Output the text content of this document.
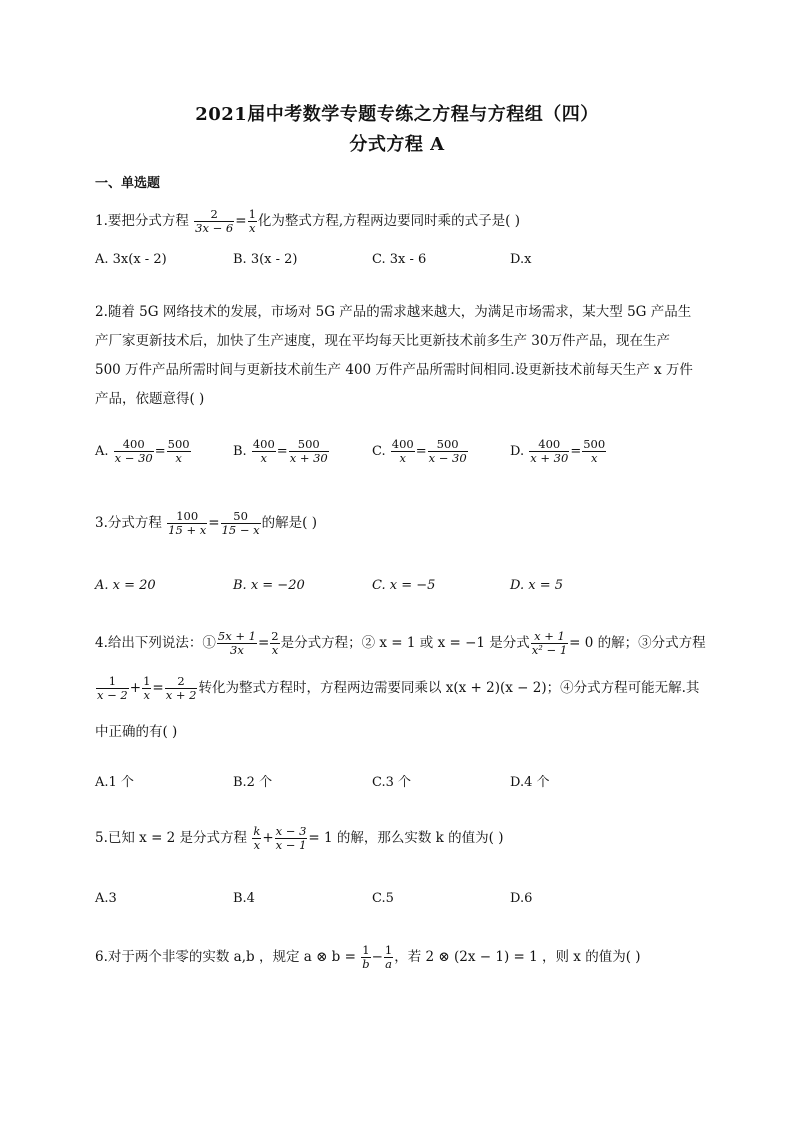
2021届中考数学专题专练之方程与方程组（四）
分式方程 A
一、单选题
1.要把分式方程 $\frac{2}{3x - 6} = \frac{1}{x}$ 化为整式方程,方程两边要同时乘的式子是( )
A. 3x(x - 2)	B. 3(x - 2)	C. 3x - 6	D.x
2.随着 5G 网络技术的发展，市场对 5G 产品的需求越来越大，为满足市场需求，某大型 5G 产品生
产厂家更新技术后，加快了生产速度，现在平均每天比更新技术前多生产 30万件产品，现在生产
500 万件产品所需时间与更新技术前生产 400 万件产品所需时间相同.设更新技术前每天生产 x 万件
产品，依题意得( )
A. $\frac{400}{x - 30} = \frac{500}{x}$	B. $\frac{400}{x} = \frac{500}{x + 30}$	C. $\frac{400}{x} = \frac{500}{x - 30}$	D. $\frac{400}{x + 30} = \frac{500}{x}$
3.分式方程 $\frac{100}{15 + x} = \frac{50}{15 - x}$ 的解是( )
A. x = 20	B. x = −20	C. x = −5	D. x = 5
4.给出下列说法：① $\frac{5x + 1}{3x} = \frac{2}{x}$ 是分式方程；② x = 1 或 x = −1 是分式 $\frac{x + 1}{\text{x² − 1}} = 0$ 的解；③分式方程
$\frac{1}{x - 2} + \frac{1}{x} = \frac{2}{x + 2}$ 转化为整式方程时，方程两边需要同乘以 x(x + 2)(x − 2)；④分式方程可能无解.其
中正确的有( )
A.1 个	B.2 个	C.3 个	D.4 个
5.已知 x = 2 是分式方程 $\frac{k}{x} + \frac{x - 3}{x - 1} = 1$ 的解，那么实数 k 的值为( )
A.3	B.4	C.5	D.6
6.对于两个非零的实数 a,b ，规定 a ⊗ $b = \frac{1}{b} - \frac{1}{a}$ ，若 2 ⊗ (2x − 1) = 1 ，则 x 的值为( )
